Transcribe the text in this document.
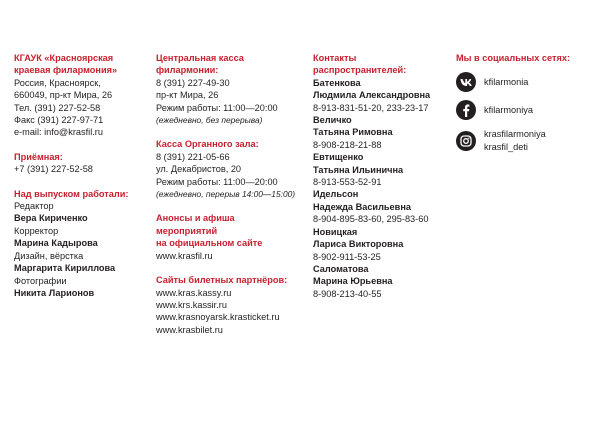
КГАУК «Красноярская
краевая филармония»
Россия, Красноярск,
660049, пр-кт Мира, 26
Тел. (391) 227-52-58
Факс (391) 227-97-71
e-mail: info@krasfil.ru
Приёмная:
+7 (391) 227-52-58
Над выпуском работали:
Редактор
Вера Кириченко
Корректор
Марина Кадырова
Дизайн, вёрстка
Маргарита Кириллова
Фотографии
Никита Ларионов
Центральная касса
филармонии:
8 (391) 227-49-30
пр-кт Мира, 26
Режим работы: 11:00—20:00
(ежедневно, без перерыва)
Касса Органного зала:
8 (391) 221-05-66
ул. Декабристов, 20
Режим работы: 11:00—20:00
(ежедневно, перерыв 14:00—15:00)
Анонсы и афиша
мероприятий
на официальном сайте
www.krasfil.ru
Сайты билетных партнёров:
www.kras.kassy.ru
www.krs.kassir.ru
www.krasnoyarsk.krasticket.ru
www.krasbilet.ru
Контакты
распространителей:
Батенкова
Людмила Александровна
8-913-831-51-20, 233-23-17
Величко
Татьяна Римовна
8-908-218-21-88
Евтищенко
Татьяна Ильинична
8-913-553-52-91
Идельсон
Надежда Васильевна
8-904-895-83-60, 295-83-60
Новицкая
Лариса Викторовна
8-902-911-53-25
Саломатова
Марина Юрьевна
8-908-213-40-55
Мы в социальных сетях:
kfilarmonia
kfilarmoniya
krasfilarmoniya
krasfil_deti
